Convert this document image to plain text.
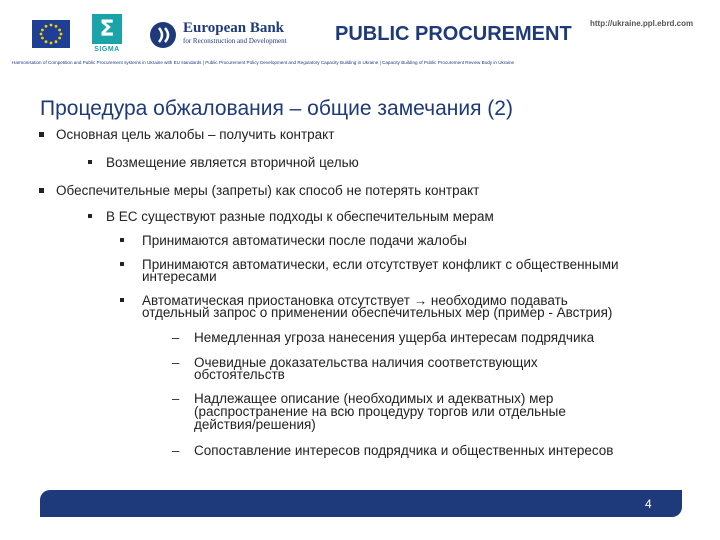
Σ
SIGMA
European Bank
for Reconstruction and Development PUBLIC PROCUREMENT http://ukraine.ppl.ebrd.com
Harmonisation of Competition and Public Procurement systems in Ukraine with EU standards | Public Procurement Policy Development and Regulatory Capacity Building in Ukraine | Capacity Building of Public Procurement Review Body in Ukraine
Процедура обжалования – общие замечания (2)
Основная цель жалобы – получить контракт
Возмещение является вторичной целью
Обеспечительные меры (запреты) как способ не потерять контракт
В ЕС существуют разные подходы к обеспечительным мерам
Принимаются автоматически после подачи жалобы
Принимаются автоматически, если отсутствует конфликт с общественными
интересами
Автоматическая приостановка отсутствует → необходимо подавать
отдельный запрос о применении обеспечительных мер (пример - Австрия)
– Немедленная угроза нанесения ущерба интересам подрядчика
– Очевидные доказательства наличия соответствующих
обстоятельств
– Надлежащее описание (необходимых и адекватных) мер
(распространение на всю процедуру торгов или отдельные
действия/решения)
– Сопоставление интересов подрядчика и общественных интересов
4
